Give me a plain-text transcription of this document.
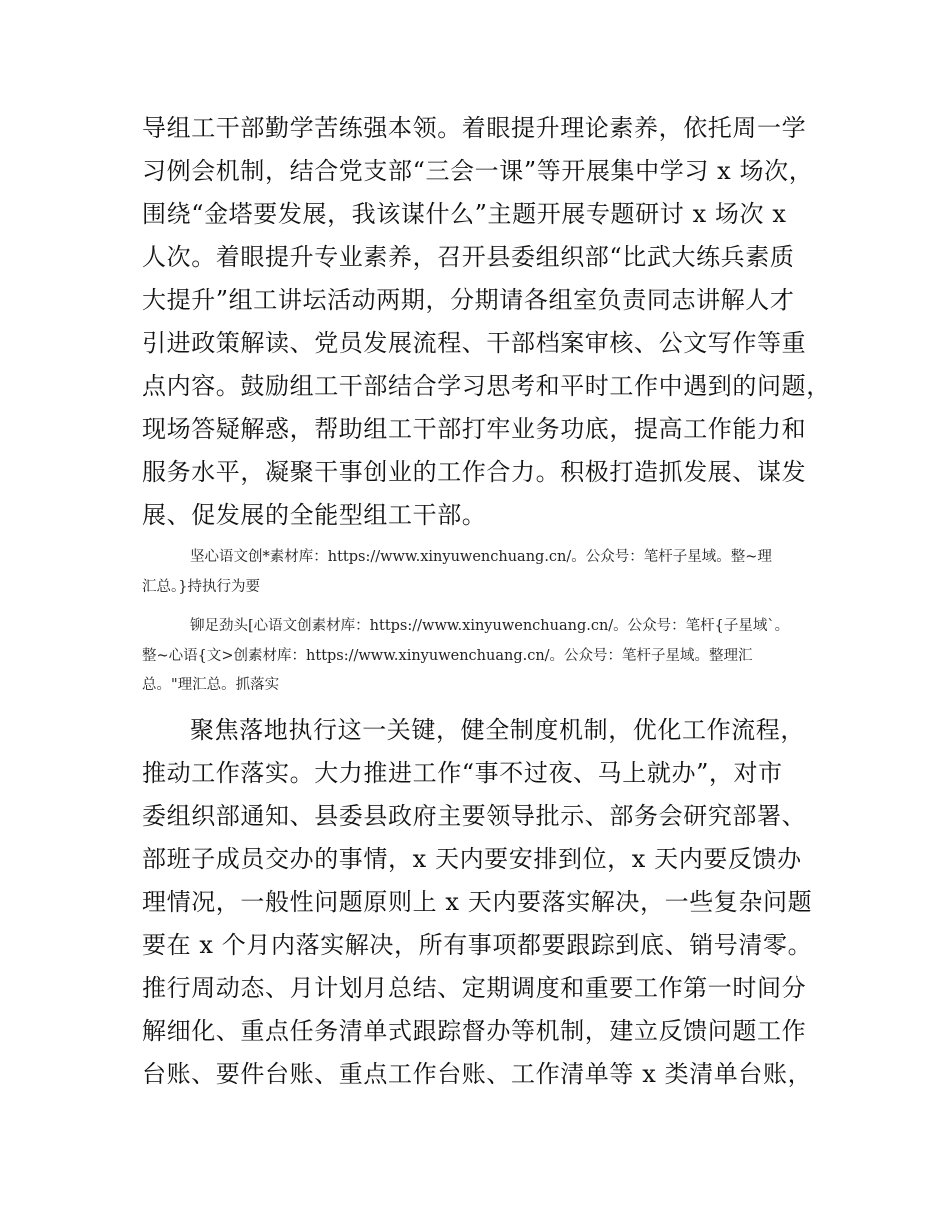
导组工干部勤学苦练强本领。着眼提升理论素养，依托周一学
习例会机制，结合党支部“三会一课”等开展集中学习 x 场次，
围绕“金塔要发展，我该谋什么”主题开展专题研讨 x 场次 x
人次。着眼提升专业素养，召开县委组织部“比武大练兵素质
大提升”组工讲坛活动两期，分期请各组室负责同志讲解人才
引进政策解读、党员发展流程、干部档案审核、公文写作等重
点内容。鼓励组工干部结合学习思考和平时工作中遇到的问题，
现场答疑解惑，帮助组工干部打牢业务功底，提高工作能力和
服务水平，凝聚干事创业的工作合力。积极打造抓发展、谋发
展、促发展的全能型组工干部。
坚心语文创*素材库：https://www.xinyuwenchuang.cn/。公众号：笔杆子星域。整~理
汇总。}持执行为要
铆足劲头[心语文创素材库：https://www.xinyuwenchuang.cn/。公众号：笔杆{子星域`。
整~心语{文>创素材库：https://www.xinyuwenchuang.cn/。公众号：笔杆子星域。整理汇
总。"理汇总。抓落实
聚焦落地执行这一关键，健全制度机制，优化工作流程，
推动工作落实。大力推进工作“事不过夜、马上就办”，对市
委组织部通知、县委县政府主要领导批示、部务会研究部署、
部班子成员交办的事情，x 天内要安排到位，x 天内要反馈办
理情况，一般性问题原则上 x 天内要落实解决，一些复杂问题
要在 x 个月内落实解决，所有事项都要跟踪到底、销号清零。
推行周动态、月计划月总结、定期调度和重要工作第一时间分
解细化、重点任务清单式跟踪督办等机制，建立反馈问题工作
台账、要件台账、重点工作台账、工作清单等 x 类清单台账，
